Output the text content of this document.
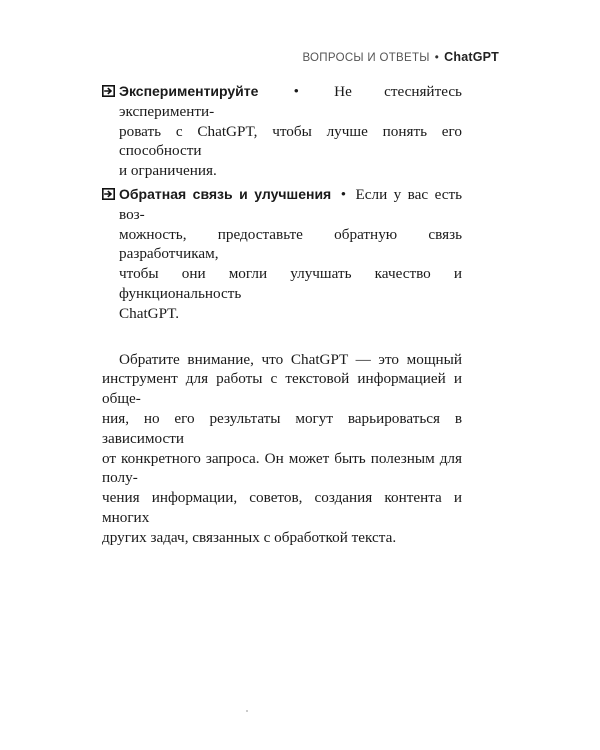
ВОПРОСЫ И ОТВЕТЫ • ChatGPT
Экспериментируйте • Не стесняйтесь эксперименти-
ровать с ChatGPT, чтобы лучше понять его способности
и ограничения.
Обратная связь и улучшения • Если у вас есть воз-
можность, предоставьте обратную связь разработчикам,
чтобы они могли улучшать качество и функциональность
ChatGPT.
Обратите внимание, что ChatGPT — это мощный
инструмент для работы с текстовой информацией и обще-
ния, но его результаты могут варьироваться в зависимости
от конкретного запроса. Он может быть полезным для полу-
чения информации, советов, создания контента и многих
других задач, связанных с обработкой текста.
